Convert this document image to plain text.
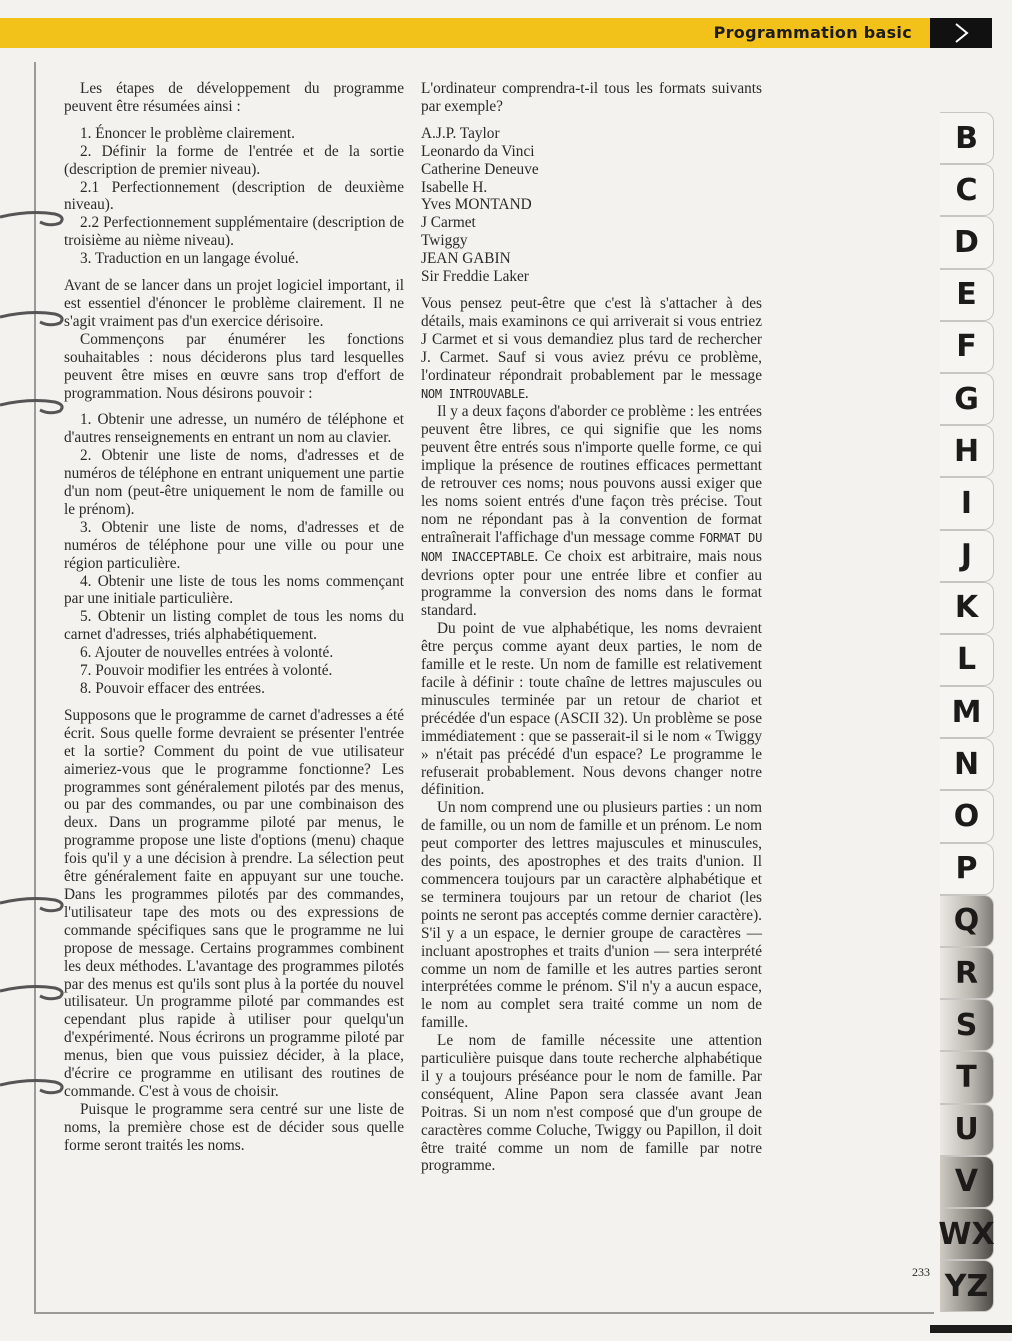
Programmation basic

Les étapes de développement du programme peuvent être résumées ainsi :

1. Énoncer le problème clairement.

2. Définir la forme de l'entrée et de la sortie (description de premier niveau).

2.1 Perfectionnement (description de deuxième niveau).

2.2 Perfectionnement supplémentaire (description de troisième au nième niveau).

3. Traduction en un langage évolué.

Avant de se lancer dans un projet logiciel important, il est essentiel d'énoncer le problème clairement. Il ne s'agit vraiment pas d'un exercice dérisoire.

Commençons par énumérer les fonctions souhaitables : nous déciderons plus tard lesquelles peuvent être mises en œuvre sans trop d'effort de programmation. Nous désirons pouvoir :

1. Obtenir une adresse, un numéro de téléphone et d'autres renseignements en entrant un nom au clavier.

2. Obtenir une liste de noms, d'adresses et de numéros de téléphone en entrant uniquement une partie d'un nom (peut-être uniquement le nom de famille ou le prénom).

3. Obtenir une liste de noms, d'adresses et de numéros de téléphone pour une ville ou pour une région particulière.

4. Obtenir une liste de tous les noms commençant par une initiale particulière.

5. Obtenir un listing complet de tous les noms du carnet d'adresses, triés alphabétiquement.

6. Ajouter de nouvelles entrées à volonté.

7. Pouvoir modifier les entrées à volonté.

8. Pouvoir effacer des entrées.

Supposons que le programme de carnet d'adresses a été écrit. Sous quelle forme devraient se présenter l'entrée et la sortie? Comment du point de vue utilisateur aimeriez-vous que le programme fonctionne? Les programmes sont généralement pilotés par des menus, ou par des commandes, ou par une combinaison des deux. Dans un programme piloté par menus, le programme propose une liste d'options (menu) chaque fois qu'il y a une décision à prendre. La sélection peut être généralement faite en appuyant sur une touche. Dans les programmes pilotés par des commandes, l'utilisateur tape des mots ou des expressions de commande spécifiques sans que le programme ne lui propose de message. Certains programmes combinent les deux méthodes. L'avantage des programmes pilotés par des menus est qu'ils sont plus à la portée du nouvel utilisateur. Un programme piloté par commandes est cependant plus rapide à utiliser pour quelqu'un d'expérimenté. Nous écrirons un programme piloté par menus, bien que vous puissiez décider, à la place, d'écrire ce programme en utilisant des routines de commande. C'est à vous de choisir.

Puisque le programme sera centré sur une liste de noms, la première chose est de décider sous quelle forme seront traités les noms.

L'ordinateur comprendra-t-il tous les formats suivants par exemple?

A.J.P. Taylor

Leonardo da Vinci

Catherine Deneuve

Isabelle H.

Yves MONTAND

J Carmet

Twiggy

JEAN GABIN

Sir Freddie Laker

Vous pensez peut-être que c'est là s'attacher à des détails, mais examinons ce qui arriverait si vous entriez J Carmet et si vous demandiez plus tard de rechercher J. Carmet. Sauf si vous aviez prévu ce problème, l'ordinateur répondrait probablement par le message NOM INTROUVABLE.

Il y a deux façons d'aborder ce problème : les entrées peuvent être libres, ce qui signifie que les noms peuvent être entrés sous n'importe quelle forme, ce qui implique la présence de routines efficaces permettant de retrouver ces noms; nous pouvons aussi exiger que les noms soient entrés d'une façon très précise. Tout nom ne répondant pas à la convention de format entraînerait l'affichage d'un message comme FORMAT DU NOM INACCEPTABLE. Ce choix est arbitraire, mais nous devrions opter pour une entrée libre et confier au programme la conversion des noms dans le format standard.

Du point de vue alphabétique, les noms devraient être perçus comme ayant deux parties, le nom de famille et le reste. Un nom de famille est relativement facile à définir : toute chaîne de lettres majuscules ou minuscules terminée par un retour de chariot et précédée d'un espace (ASCII 32). Un problème se pose immédiatement : que se passerait-il si le nom « Twiggy » n'était pas précédé d'un espace? Le programme le refuserait probablement. Nous devons changer notre définition.

Un nom comprend une ou plusieurs parties : un nom de famille, ou un nom de famille et un prénom. Le nom peut comporter des lettres majuscules et minuscules, des points, des apostrophes et des traits d'union. Il commencera toujours par un caractère alphabétique et se terminera toujours par un retour de chariot (les points ne seront pas acceptés comme dernier caractère). S'il y a un espace, le dernier groupe de caractères — incluant apostrophes et traits d'union — sera interprété comme un nom de famille et les autres parties seront interprétées comme le prénom. S'il n'y a aucun espace, le nom au complet sera traité comme un nom de famille.

Le nom de famille nécessite une attention particulière puisque dans toute recherche alphabétique il y a toujours préséance pour le nom de famille. Par conséquent, Aline Papon sera classée avant Jean Poitras. Si un nom n'est composé que d'un groupe de caractères comme Coluche, Twiggy ou Papillon, il doit être traité comme un nom de famille par notre programme.

B
C
D
E
F
G
H
I
J
K
L
M
N
O
P
Q
R
S
T
U
V
WX
YZ
233
